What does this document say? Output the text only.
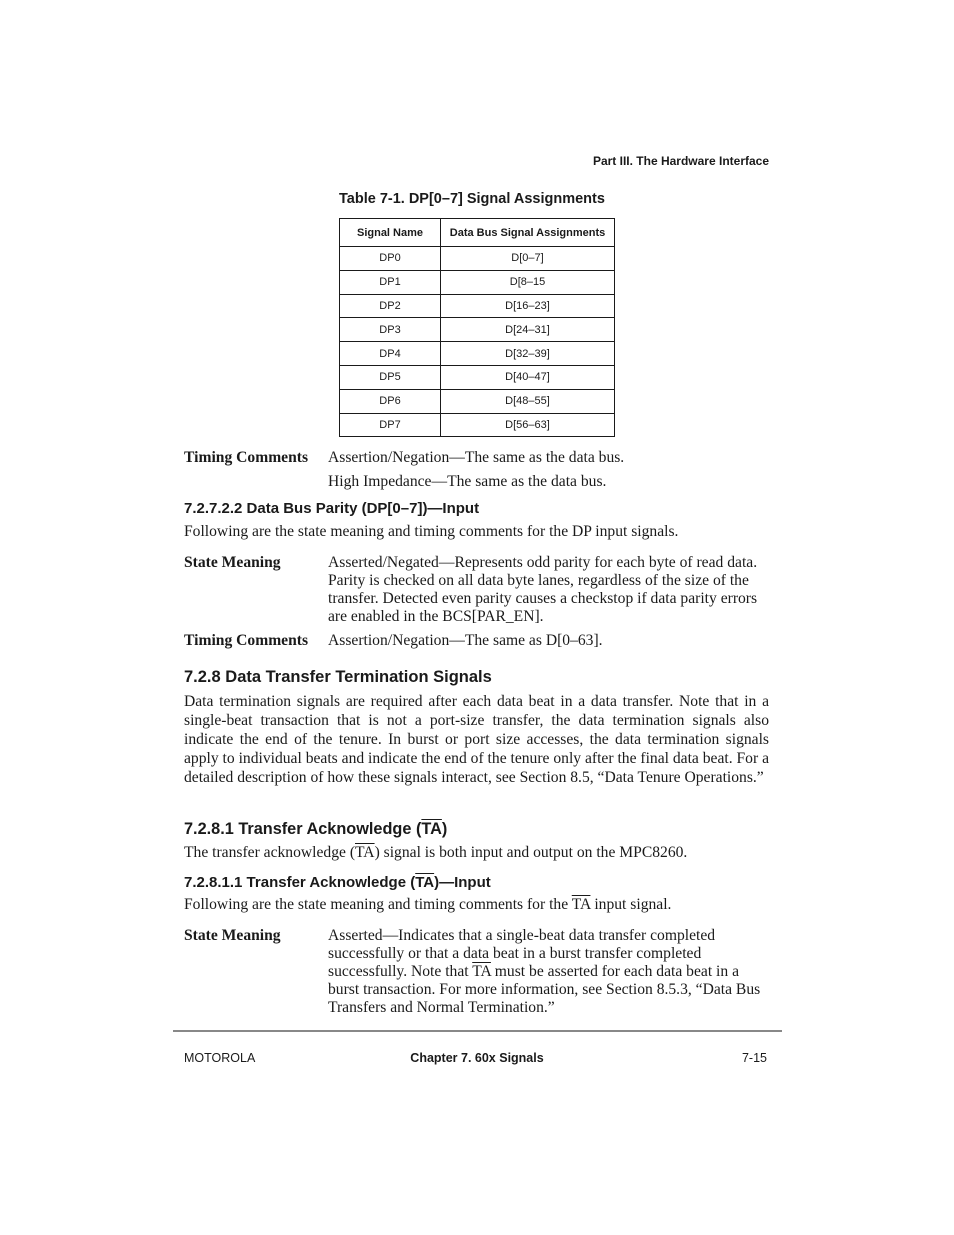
Part III. The Hardware Interface
Table 7-1. DP[0–7] Signal Assignments
Signal Name	Data Bus Signal Assignments
DP0	D[0–7]
DP1	D[8–15
DP2	D[16–23]
DP3	D[24–31]
DP4	D[32–39]
DP5	D[40–47]
DP6	D[48–55]
DP7	D[56–63]
Timing Comments Assertion/Negation—The same as the data bus.
High Impedance—The same as the data bus.
7.2.7.2.2 Data Bus Parity (DP[0–7])—Input
Following are the state meaning and timing comments for the DP input signals.
State Meaning	Asserted/Negated—Represents odd parity for each byte of read data. Parity is checked on all data byte lanes, regardless of the size of the transfer. Detected even parity causes a checkstop if data parity errors are enabled in the BCS[PAR_EN].
Timing Comments Assertion/Negation—The same as D[0–63].
7.2.8 Data Transfer Termination Signals
Data termination signals are required after each data beat in a data transfer. Note that in a single-beat transaction that is not a port-size transfer, the data termination signals also indicate the end of the tenure. In burst or port size accesses, the data termination signals apply to individual beats and indicate the end of the tenure only after the final data beat. For a detailed description of how these signals interact, see Section 8.5, “Data Tenure Operations.”
7.2.8.1 Transfer Acknowledge $(\overline{TA})$
The transfer acknowledge $(\overline{TA})$ signal is both input and output on the MPC8260.
7.2.8.1.1 Transfer Acknowledge $(\overline{TA})—Input$
Following are the state meaning and timing comments for the $\overline{TA}$ input signal.
State Meaning	Asserted—Indicates that a single-beat data transfer completed successfully or that a data beat in a burst transfer completed successfully. Note that $\overline{TA}$ must be asserted for each data beat in a burst transaction. For more information, see Section 8.5.3, “Data Bus Transfers and Normal Termination.”
MOTOROLA	Chapter 7. 60x Signals	7-15
